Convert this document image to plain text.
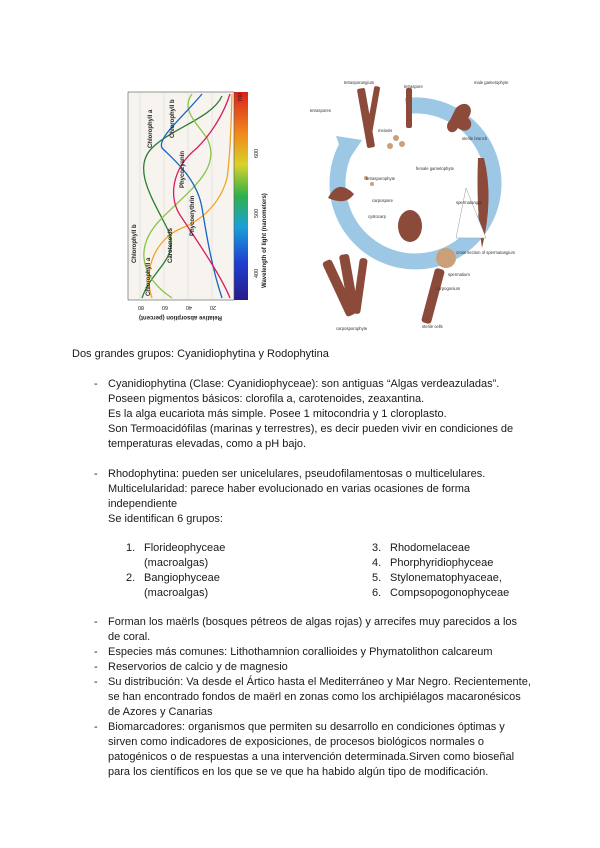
Chlorophyll b
Chlorophyll a
Carotenoids
Phycocyanin
Phycoerythrin
Chlorophyll a	Chlorophyll b
80	60	40	20
Relative absorption (percent)
400
500
600
700
Wavelength of light (nanometers)
tetrasporangium
tetraspore
male gametophyte
tetraspores
meiosis
sterile branch
female gametophyte
tetrasporophyte
spermatangia
carpospore
cystocarp
cross section of spermatangium
spermatium
carpogonium
carposporophyte	sterile cells
Dos grandes grupos: Cyanidiophytina y Rodophytina
- Cyanidiophytina (Clase: Cyanidiophyceae): son antiguas “Algas verdeazuladas”.
Poseen pigmentos básicos: clorofila a, carotenoides, zeaxantina.
Es la alga eucariota más simple. Posee 1 mitocondria y 1 cloroplasto.
Son Termoacidófilas (marinas y terrestres), es decir pueden vivir en condiciones de
temperaturas elevadas, como a pH bajo.
- Rhodophytina: pueden ser unicelulares, pseudofilamentosas o multicelulares.
Multicelularidad: parece haber evolucionado en varias ocasiones de forma
independiente
Se identifican 6 grupos:
1. Florideophyceae
(macroalgas)
2. Bangiophyceae
(macroalgas)
3. Rhodomelaceae
4. Phorphyridiophyceae
5. Stylonematophyaceae,
6. Compsopogonophyceae
- Forman los maërls (bosques pétreos de algas rojas) y arrecifes muy parecidos a los
de coral.
- Especies más comunes: Lithothamnion corallioides y Phymatolithon calcareum
- Reservorios de calcio y de magnesio
- Su distribución: Va desde el Ártico hasta el Mediterráneo y Mar Negro. Recientemente,
se han encontrado fondos de maërl en zonas como los archipiélagos macaronésicos
de Azores y Canarias
- Biomarcadores: organismos que permiten su desarrollo en condiciones óptimas y
sirven como indicadores de exposiciones, de procesos biológicos normales o
patogénicos o de respuestas a una intervención determinada.Sirven como bioseñal
para los científicos en los que se ve que ha habido algún tipo de modificación.
